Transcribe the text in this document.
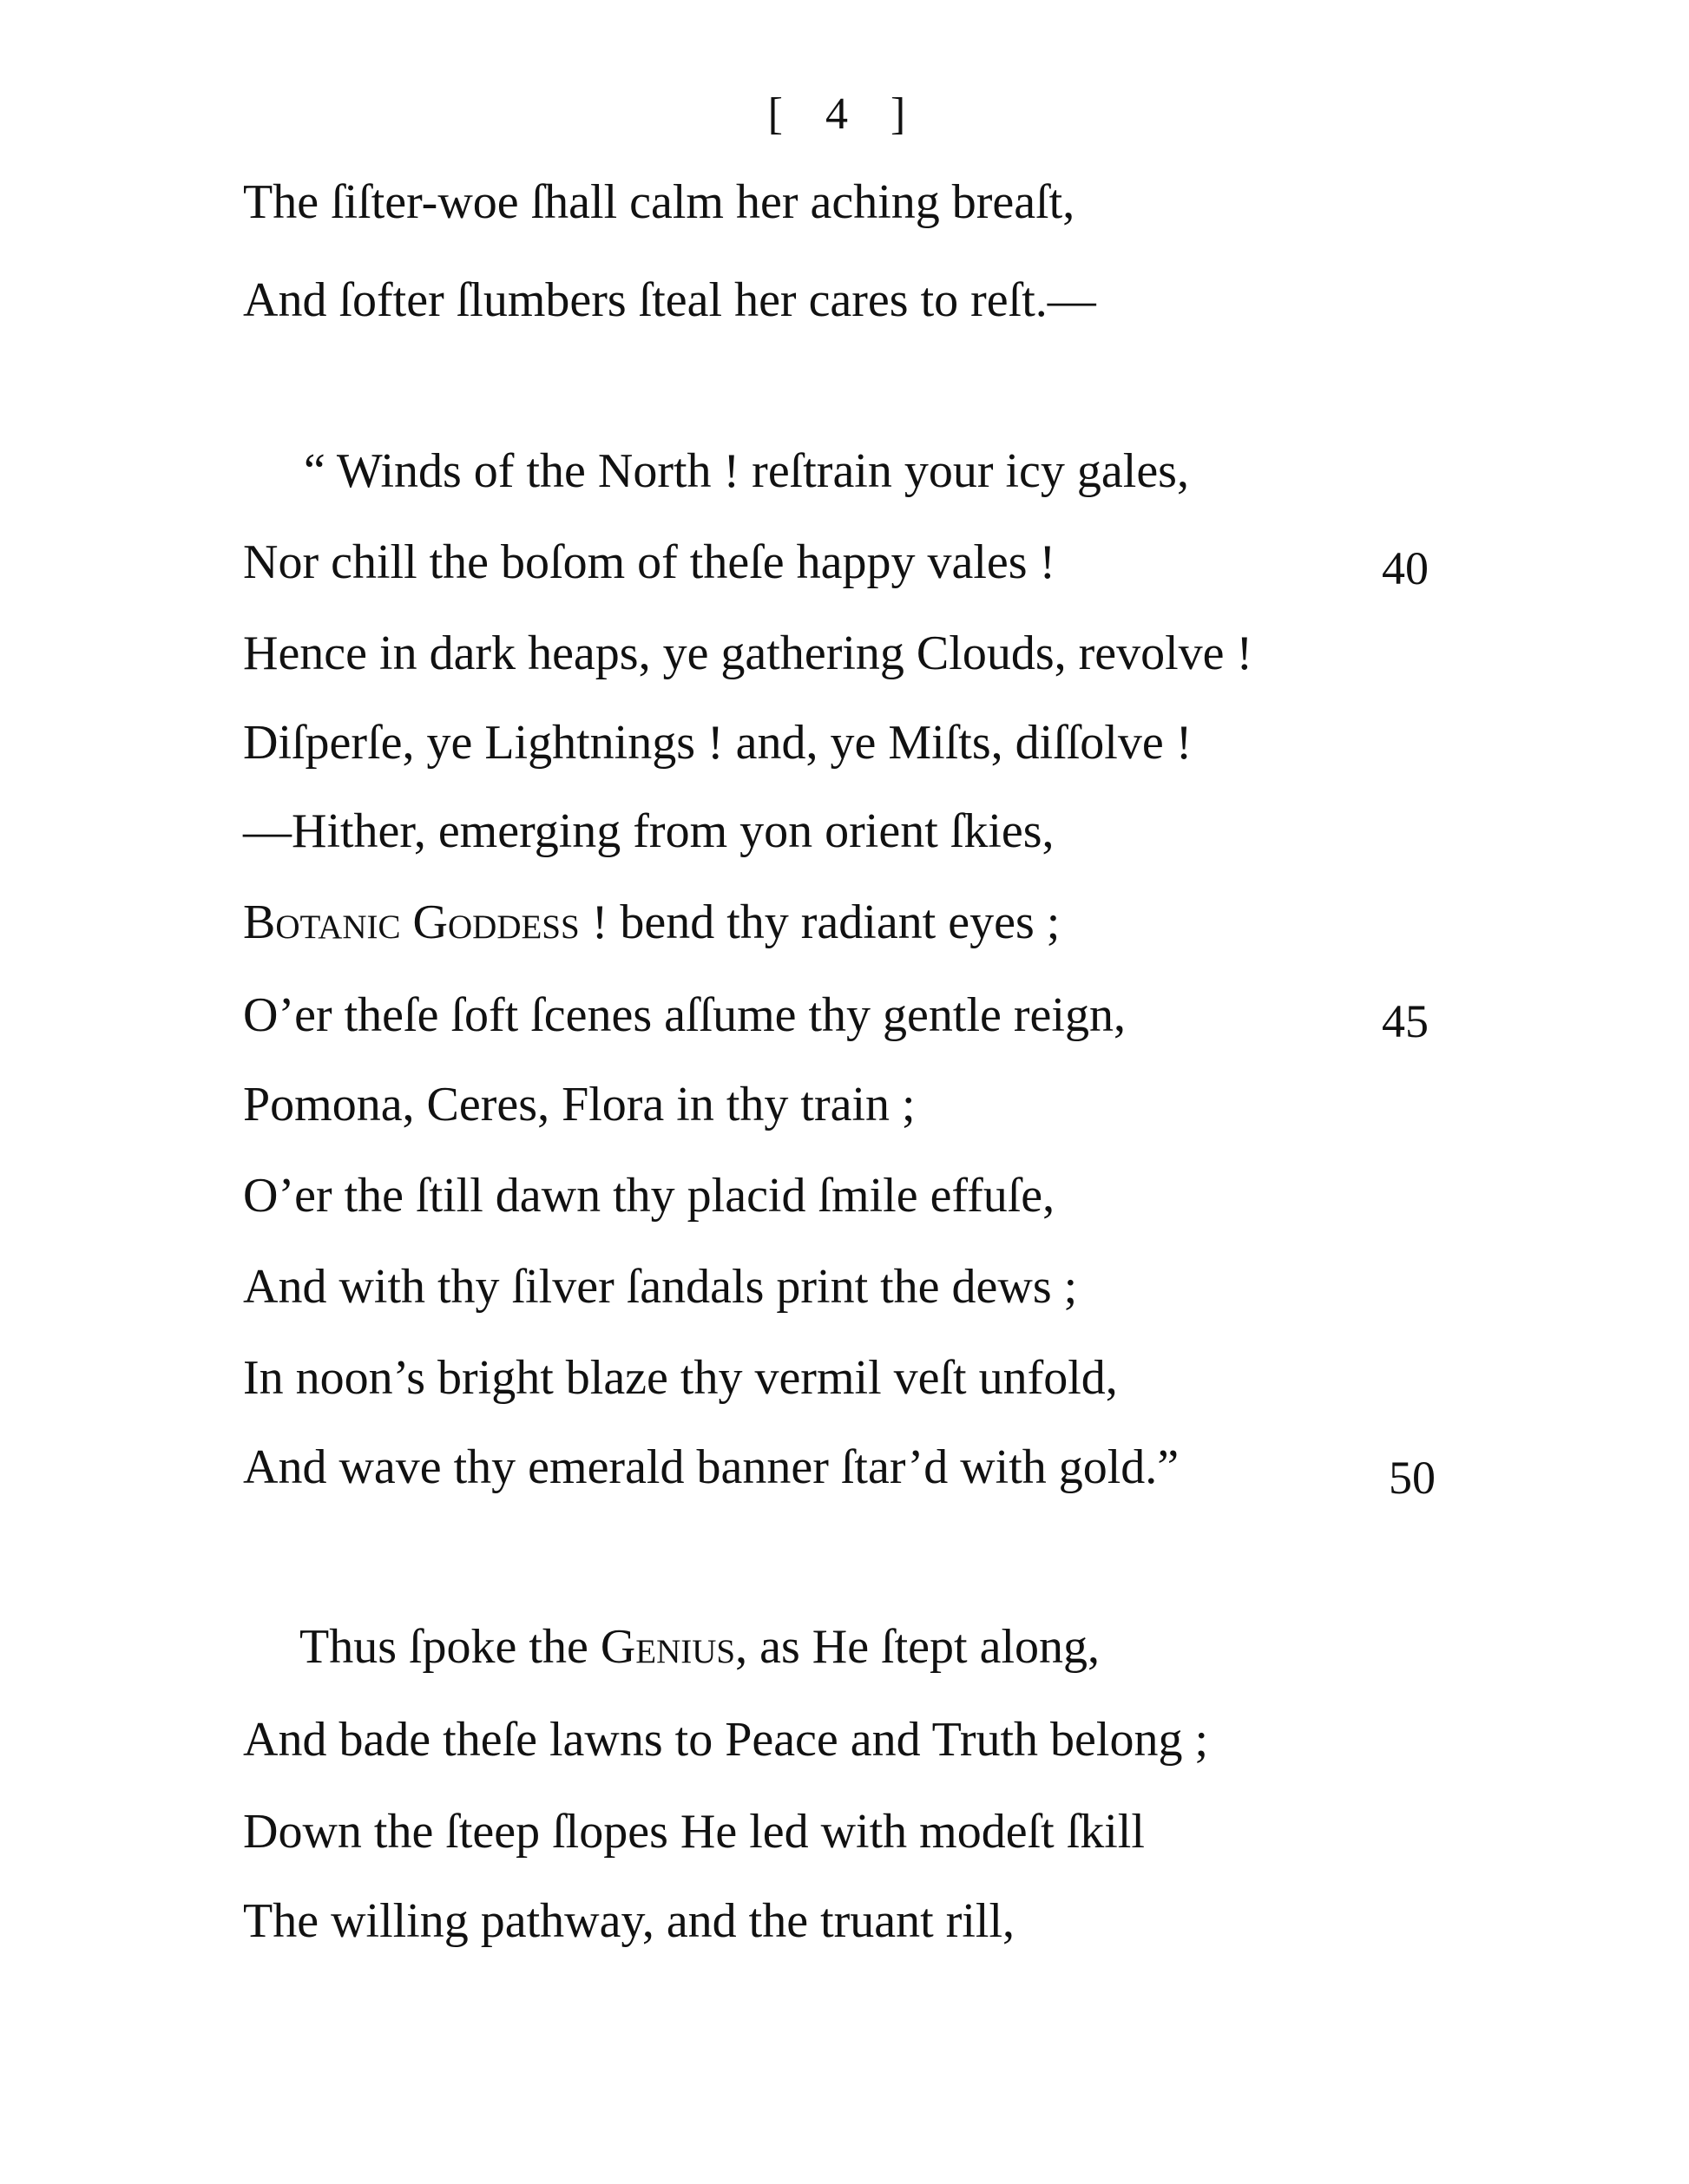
[ 4 ]
The ſiſter-woe ſhall calm her aching breaſt,
And ſofter ſlumbers ſteal her cares to reſt.—
“ Winds of the North ! reſtrain your icy gales,
Nor chill the boſom of theſe happy vales !	40
Hence in dark heaps, ye gathering Clouds, revolve !
Diſperſe, ye Lightnings ! and, ye Miſts, diſſolve !
—Hither, emerging from yon orient ſkies,
Botanic Goddess ! bend thy radiant eyes ;
O’er theſe ſoft ſcenes aſſume thy gentle reign,	45
Pomona, Ceres, Flora in thy train ;
O’er the ſtill dawn thy placid ſmile effuſe,
And with thy ſilver ſandals print the dews ;
In noon’s bright blaze thy vermil veſt unfold,
And wave thy emerald banner ſtar’d with gold.”	50
Thus ſpoke the Genius, as He ſtept along,
And bade theſe lawns to Peace and Truth belong ;
Down the ſteep ſlopes He led with modeſt ſkill
The willing pathway, and the truant rill,
